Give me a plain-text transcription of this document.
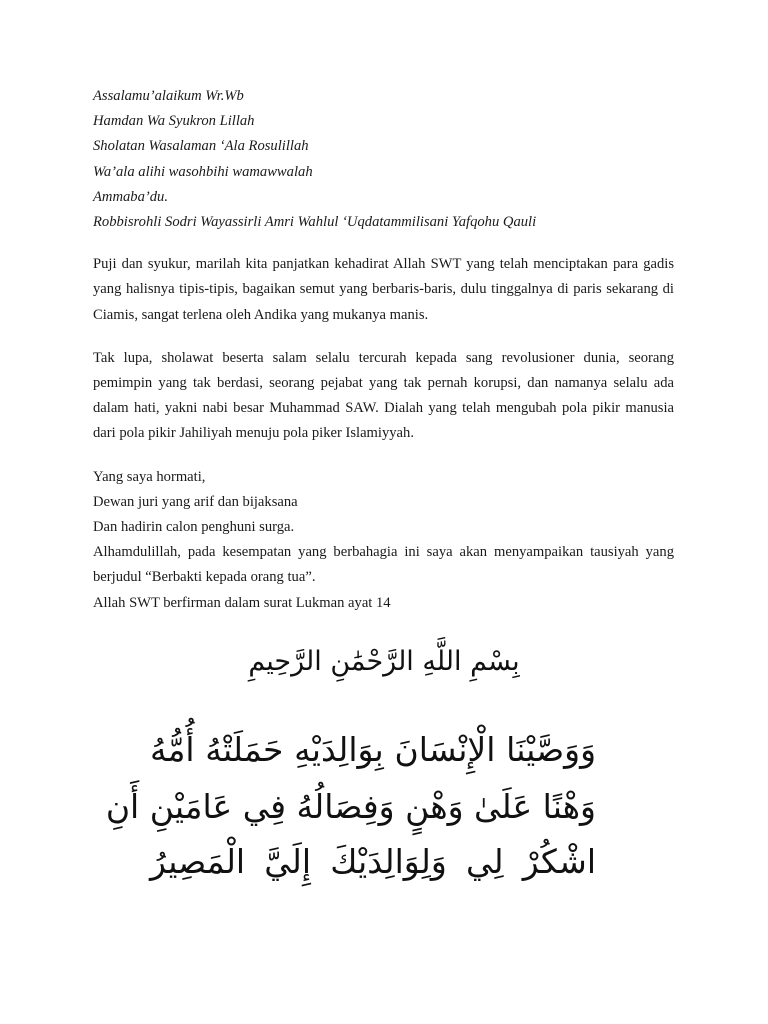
Assalamu’alaikum Wr.Wb
Hamdan Wa Syukron Lillah
Sholatan Wasalaman ‘Ala Rosulillah
Wa’ala alihi wasohbihi wamawwalah
Ammaba’du.
Robbisrohli Sodri Wayassirli Amri Wahlul ‘Uqdatammilisani Yafqohu Qauli

Puji dan syukur, marilah kita panjatkan kehadirat Allah SWT yang telah menciptakan para gadis yang halisnya tipis-tipis, bagaikan semut yang berbaris-baris, dulu tinggalnya di paris sekarang di Ciamis, sangat terlena oleh Andika yang mukanya manis.

Tak lupa, sholawat beserta salam selalu tercurah kepada sang revolusioner dunia, seorang pemimpin yang tak berdasi, seorang pejabat yang tak pernah korupsi, dan namanya selalu ada dalam hati, yakni nabi besar Muhammad SAW. Dialah yang telah mengubah pola pikir manusia dari pola pikir Jahiliyah menuju pola piker Islamiyyah.

Yang saya hormati,
Dewan juri yang arif dan bijaksana
Dan hadirin calon penghuni surga.
Alhamdulillah, pada kesempatan yang berbahagia ini saya akan menyampaikan tausiyah yang berjudul “Berbakti kepada orang tua”.
Allah SWT berfirman dalam surat Lukman ayat 14
بِسْمِ اللَّهِ الرَّحْمَٰنِ الرَّحِيمِ
وَوَصَّيْنَا الْإِنْسَانَ بِوَالِدَيْهِ حَمَلَتْهُ أُمُّهُ
وَهْنًا عَلَىٰ وَهْنٍ وَفِصَالُهُ فِي عَامَيْنِ أَنِ
اشْكُرْ لِي وَلِوَالِدَيْكَ إِلَيَّ الْمَصِيرُ
